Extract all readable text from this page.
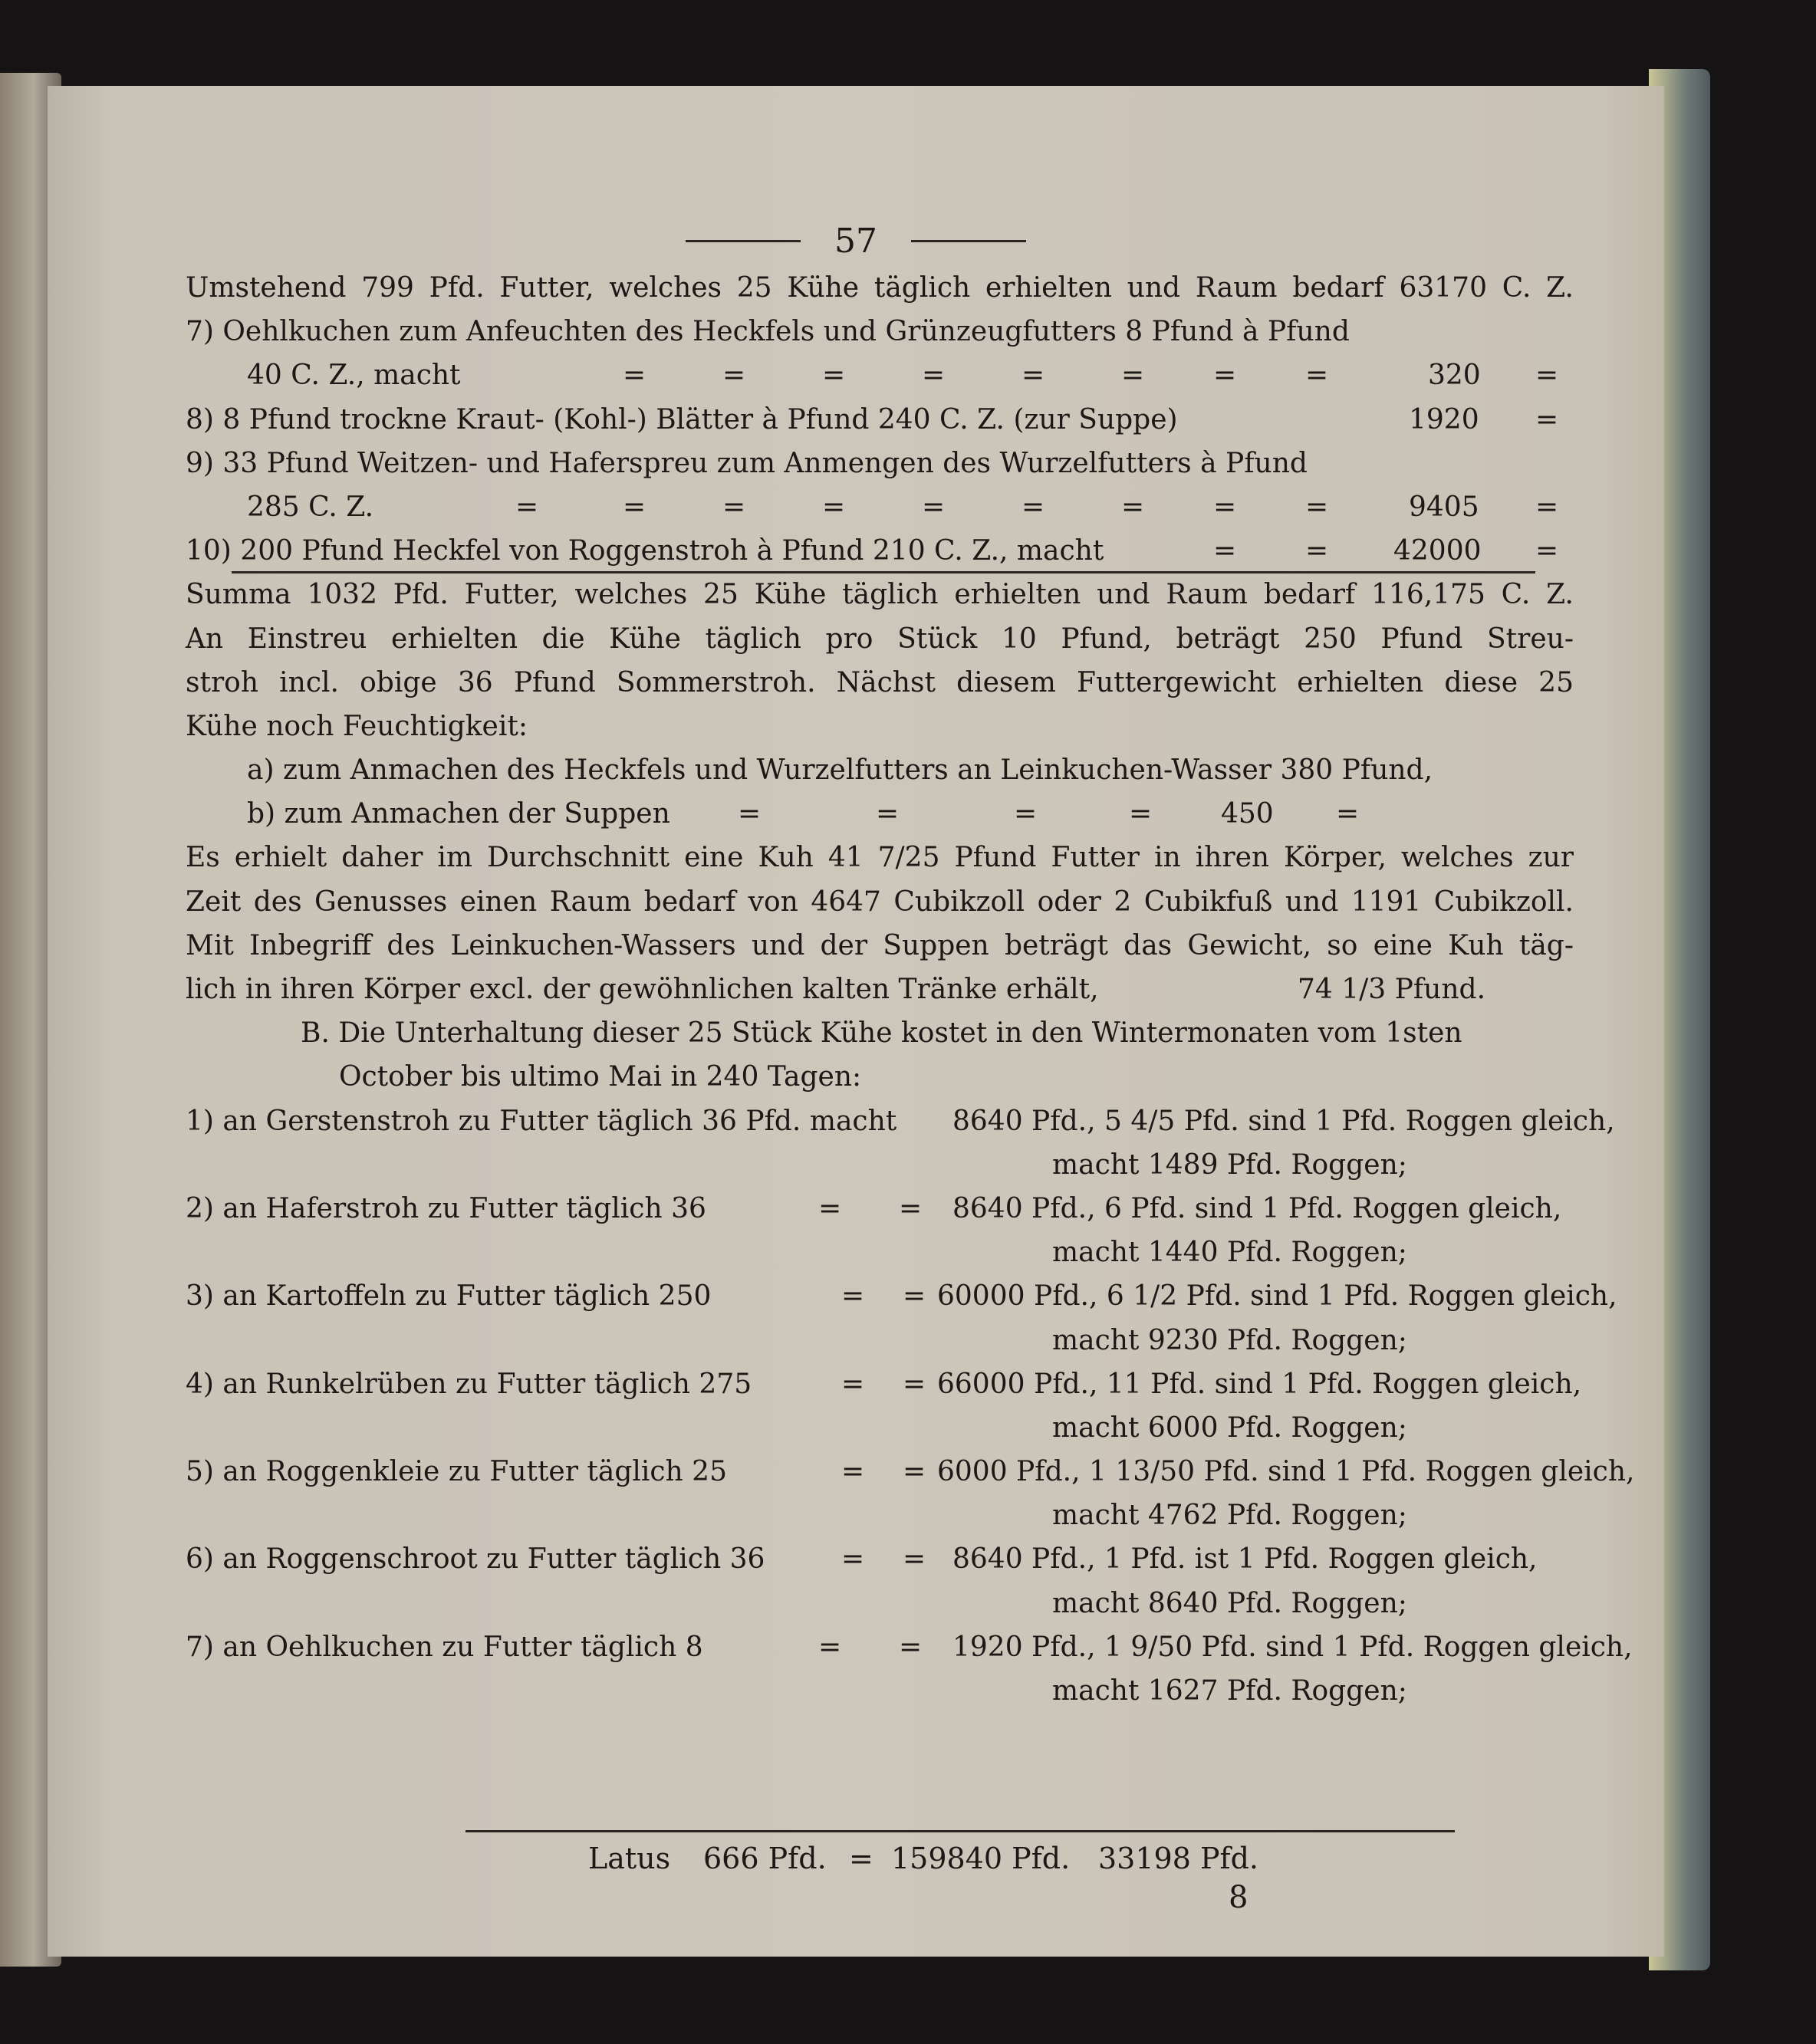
57
Umstehend 799 Pfd. Futter, welches 25 Kühe täglich erhielten und Raum bedarf 63170 C. Z.
7) Oehlkuchen zum Anfeuchten des Heckfels und Grünzeugfutters 8 Pfund à Pfund
40 C. Z., macht	=	=	=	=	=	= = =	320 =
8) 8 Pfund trockne Kraut- (Kohl-) Blätter à Pfund 240 C. Z. (zur Suppe)	1920 =
9) 33 Pfund Weitzen- und Haferspreu zum Anmengen des Wurzelfutters à Pfund
285 C. Z.	=	=	=	=	=	=	= = =	9405 =
10) 200 Pfund Heckfel von Roggenstroh à Pfund 210 C. Z., macht	= = 42000 =
Summa 1032 Pfd. Futter, welches 25 Kühe täglich erhielten und Raum bedarf 116,175 C. Z.
An Einstreu erhielten die Kühe täglich pro Stück 10 Pfund, beträgt 250 Pfund Streu-
stroh incl. obige 36 Pfund Sommerstroh. Nächst diesem Futtergewicht erhielten diese 25
Kühe noch Feuchtigkeit:
a) zum Anmachen des Heckfels und Wurzelfutters an Leinkuchen-Wasser 380 Pfund,
b) zum Anmachen der Suppen =	=	=	= 450 =
Es erhielt daher im Durchschnitt eine Kuh 41 7/25 Pfund Futter in ihren Körper, welches zur
Zeit des Genusses einen Raum bedarf von 4647 Cubikzoll oder 2 Cubikfuß und 1191 Cubikzoll.
Mit Inbegriff des Leinkuchen-Wassers und der Suppen beträgt das Gewicht, so eine Kuh täg-
lich in ihren Körper excl. der gewöhnlichen kalten Tränke erhält,	74 1/3 Pfund.
B. Die Unterhaltung dieser 25 Stück Kühe kostet in den Wintermonaten vom 1sten
October bis ultimo Mai in 240 Tagen:
1) an Gerstenstroh zu Futter täglich 36 Pfd. macht 8640 Pfd., 5 4/5 Pfd. sind 1 Pfd. Roggen gleich,
macht 1489 Pfd. Roggen;
2) an Haferstroh zu Futter täglich 36	= = 8640 Pfd., 6 Pfd. sind 1 Pfd. Roggen gleich,
macht 1440 Pfd. Roggen;
3) an Kartoffeln zu Futter täglich 250	= = 60000 Pfd., 6 1/2 Pfd. sind 1 Pfd. Roggen gleich,
macht 9230 Pfd. Roggen;
4) an Runkelrüben zu Futter täglich 275	= = 66000 Pfd., 11 Pfd. sind 1 Pfd. Roggen gleich,
macht 6000 Pfd. Roggen;
5) an Roggenkleie zu Futter täglich 25	= = 6000 Pfd., 1 13/50 Pfd. sind 1 Pfd. Roggen gleich,
macht 4762 Pfd. Roggen;
6) an Roggenschroot zu Futter täglich 36	= = 8640 Pfd., 1 Pfd. ist 1 Pfd. Roggen gleich,
macht 8640 Pfd. Roggen;
7) an Oehlkuchen zu Futter täglich 8	= = 1920 Pfd., 1 9/50 Pfd. sind 1 Pfd. Roggen gleich,
macht 1627 Pfd. Roggen;
Latus 666 Pfd. = 159840 Pfd. 33198 Pfd.
8
